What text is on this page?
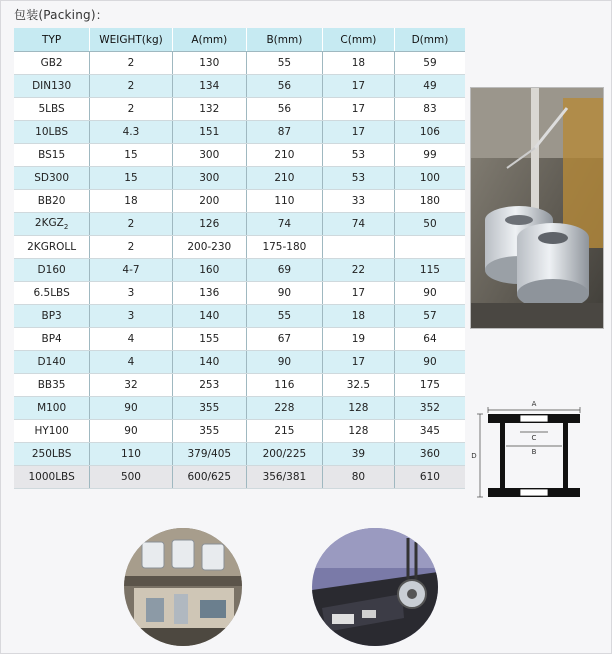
包装(Packing)：
TYP	WEIGHT(kg)	A(mm)	B(mm)	C(mm)	D(mm)
GB2	2	130	55	18	59
DIN130	2	134	56	17	49
5LBS	2	132	56	17	83
10LBS	4.3	151	87	17	106
BS15	15	300	210	53	99
SD300	15	300	210	53	100
BB20	18	200	110	33	180
$2KGZ_2$	2	126	74	74	50
2KGROLL	2	200-230	175-180		
D160	4-7	160	69	22	115
6.5LBS	3	136	90	17	90
BP3	3	140	55	18	57
BP4	4	155	67	19	64
D140	4	140	90	17	90
BB35	32	253	116	32.5	175
M100	90	355	228	128	352
HY100	90	355	215	128	345
250LBS	110	379/405	200/225	39	360
1000LBS	500	600/625	356/381	80	610
A
C
B
D
